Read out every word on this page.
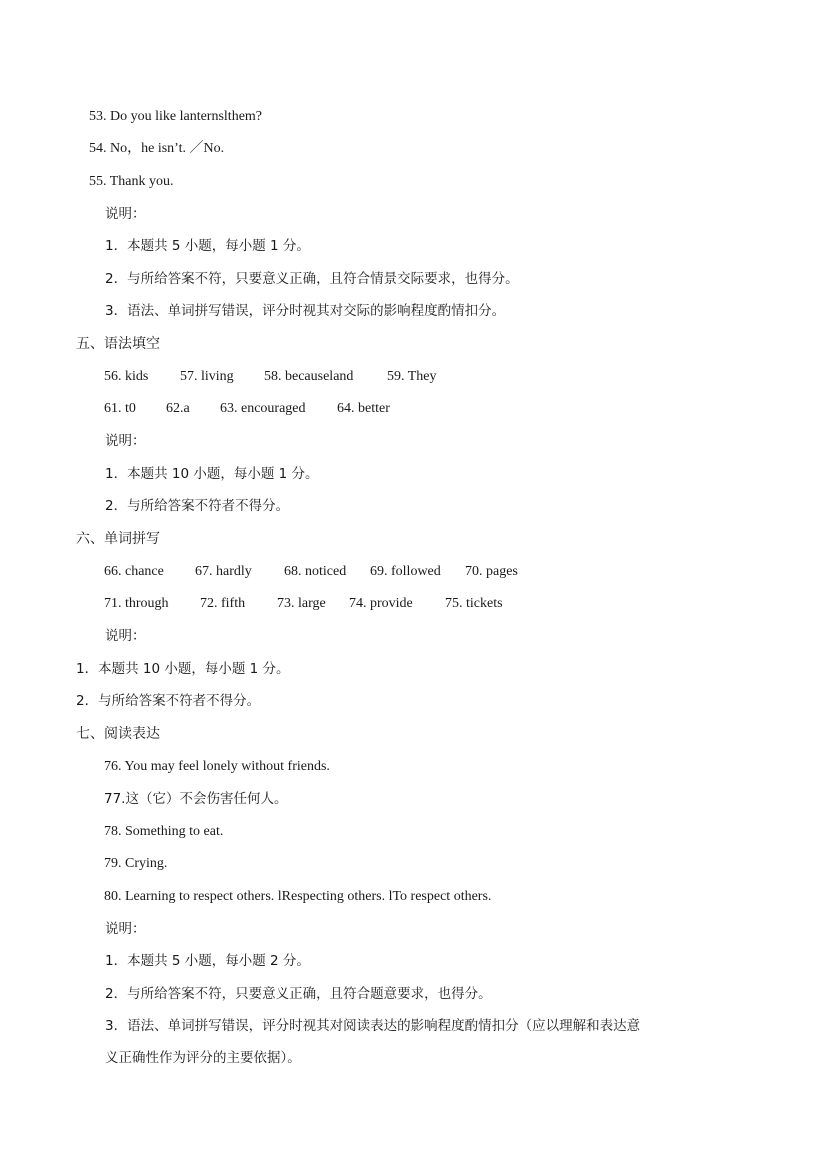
53. Do you like lanternslthem?
54. No，he isn’t. ／No.
55. Thank you.
说明：
1．本题共 5 小题，每小题 1 分。
2．与所给答案不符，只要意义正确，且符合情景交际要求，也得分。
3．语法、单词拼写错误，评分时视其对交际的影响程度酌情扣分。
五、语法填空
56. kids 57. living 58. becauseland 59. They
61. t0 62.a 63. encouraged 64. better
说明：
1．本题共 10 小题，每小题 1 分。
2．与所给答案不符者不得分。
六、单词拼写
66. chance 67. hardly 68. noticed 69. followed 70. pages
71. through 72. fifth 73. large 74. provide 75. tickets
说明：
1．本题共 10 小题，每小题 1 分。
2．与所给答案不符者不得分。
七、阅读表达
76. You may feel lonely without friends.
77.这（它）不会伤害任何人。
78. Something to eat.
79. Crying.
80. Learning to respect others. lRespecting others. lTo respect others.
说明：
1．本题共 5 小题，每小题 2 分。
2．与所给答案不符，只要意义正确，且符合题意要求，也得分。
3．语法、单词拼写错误，评分时视其对阅读表达的影响程度酌情扣分（应以理解和表达意
义正确性作为评分的主要依据）。
